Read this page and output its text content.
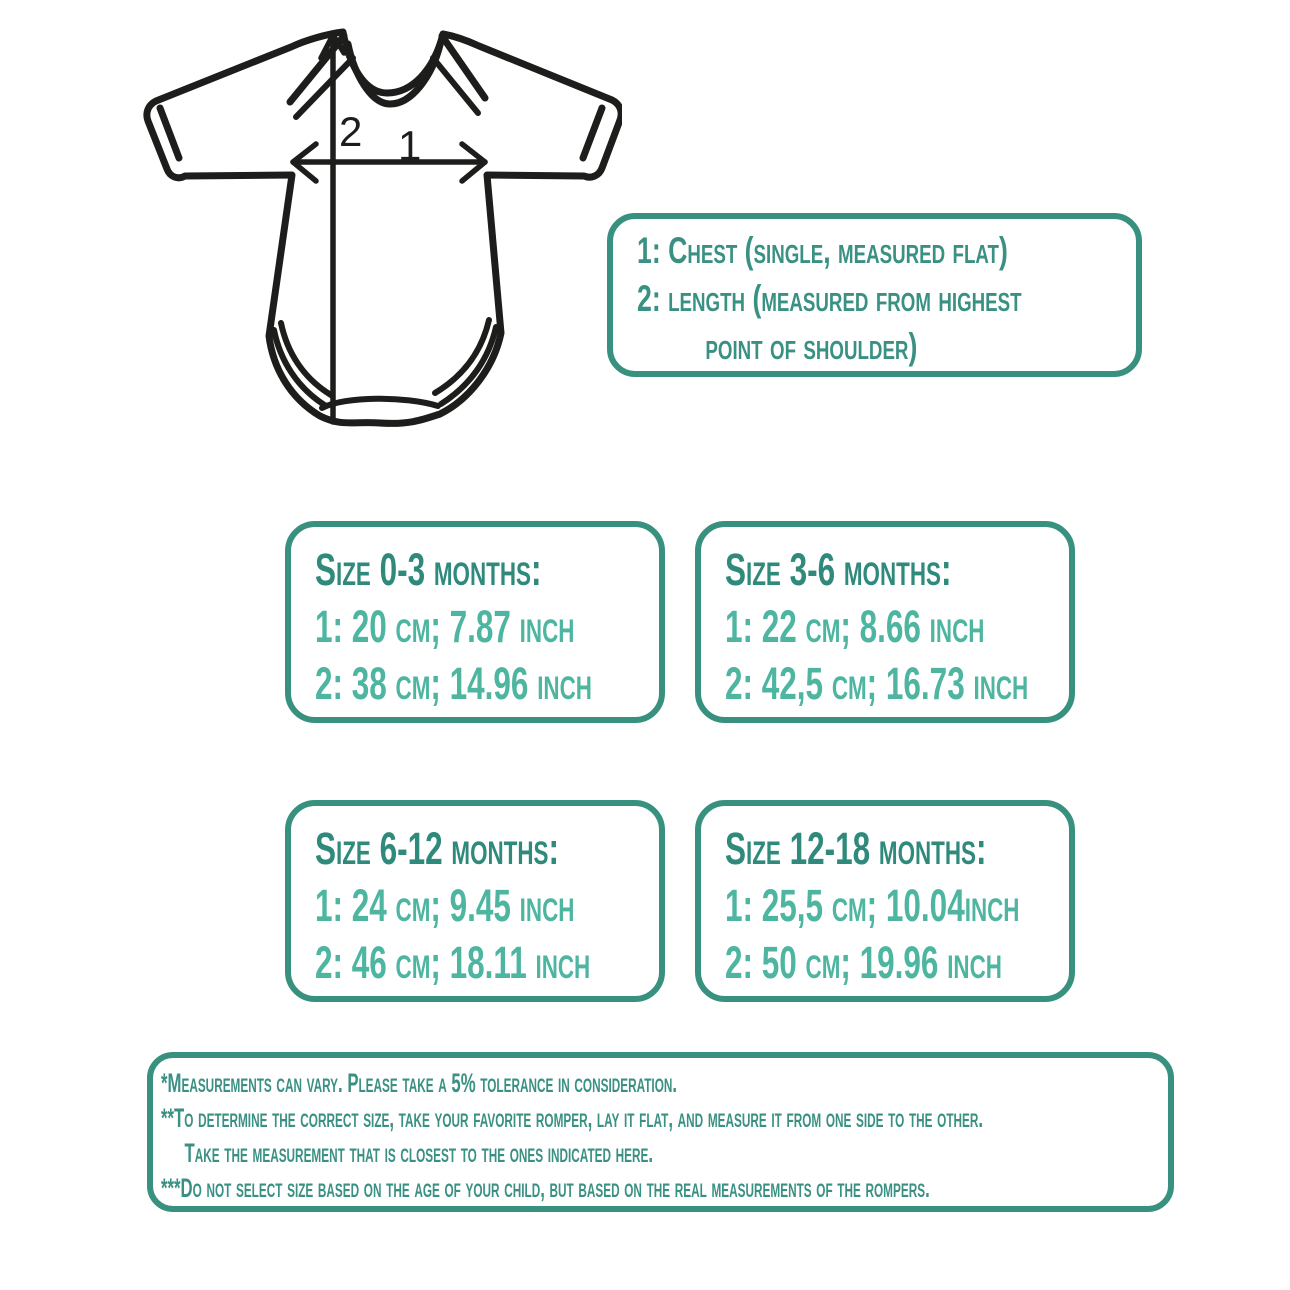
2 1
1: Chest (single, measured flat)
2: length (measured from highest
point of shoulder)
Size 0-3 months:
1: 20 cm; 7.87 inch
2: 38 cm; 14.96 inch
Size 3-6 months:
1: 22 cm; 8.66 inch
2: 42,5 cm; 16.73 inch
Size 6-12 months:
1: 24 cm; 9.45 inch
2: 46 cm; 18.11 inch
Size 12-18 months:
1: 25,5 cm; 10.04inch
2: 50 cm; 19.96 inch
*Measurements can vary. Please take a 5% tolerance in consideration.
**To determine the correct size, take your favorite romper, lay it flat, and measure it from one side to the other.
Take the measurement that is closest to the ones indicated here.
***Do not select size based on the age of your child, but based on the real measurements of the rompers.
